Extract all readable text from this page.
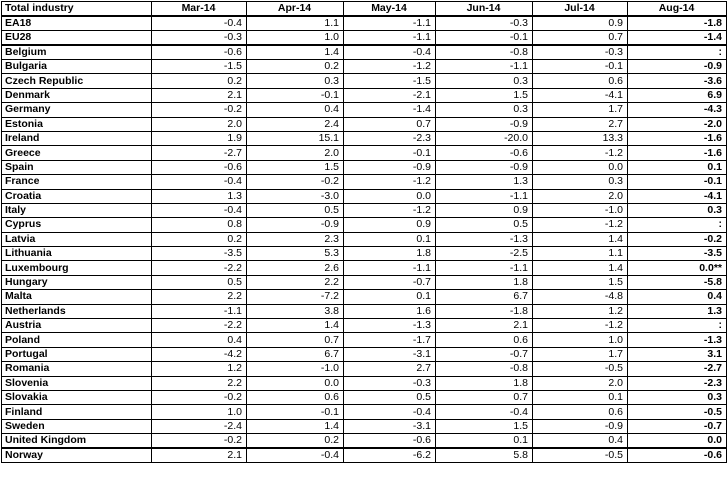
Total industry	Mar-14	Apr-14	May-14	Jun-14	Jul-14	Aug-14
EA18	-0.4	1.1	-1.1	-0.3	0.9	-1.8
EU28	-0.3	1.0	-1.1	-0.1	0.7	-1.4
Belgium	-0.6	1.4	-0.4	-0.8	-0.3	:
Bulgaria	-1.5	0.2	-1.2	-1.1	-0.1	-0.9
Czech Republic	0.2	0.3	-1.5	0.3	0.6	-3.6
Denmark	2.1	-0.1	-2.1	1.5	-4.1	6.9
Germany	-0.2	0.4	-1.4	0.3	1.7	-4.3
Estonia	2.0	2.4	0.7	-0.9	2.7	-2.0
Ireland	1.9	15.1	-2.3	-20.0	13.3	-1.6
Greece	-2.7	2.0	-0.1	-0.6	-1.2	-1.6
Spain	-0.6	1.5	-0.9	-0.9	0.0	0.1
France	-0.4	-0.2	-1.2	1.3	0.3	-0.1
Croatia	1.3	-3.0	0.0	-1.1	2.0	-4.1
Italy	-0.4	0.5	-1.2	0.9	-1.0	0.3
Cyprus	0.8	-0.9	0.9	0.5	-1.2	:
Latvia	0.2	2.3	0.1	-1.3	1.4	-0.2
Lithuania	-3.5	5.3	1.8	-2.5	1.1	-3.5
Luxembourg	-2.2	2.6	-1.1	-1.1	1.4	0.0**
Hungary	0.5	2.2	-0.7	1.8	1.5	-5.8
Malta	2.2	-7.2	0.1	6.7	-4.8	0.4
Netherlands	-1.1	3.8	1.6	-1.8	1.2	1.3
Austria	-2.2	1.4	-1.3	2.1	-1.2	:
Poland	0.4	0.7	-1.7	0.6	1.0	-1.3
Portugal	-4.2	6.7	-3.1	-0.7	1.7	3.1
Romania	1.2	-1.0	2.7	-0.8	-0.5	-2.7
Slovenia	2.2	0.0	-0.3	1.8	2.0	-2.3
Slovakia	-0.2	0.6	0.5	0.7	0.1	0.3
Finland	1.0	-0.1	-0.4	-0.4	0.6	-0.5
Sweden	-2.4	1.4	-3.1	1.5	-0.9	-0.7
United Kingdom	-0.2	0.2	-0.6	0.1	0.4	0.0
Norway	2.1	-0.4	-6.2	5.8	-0.5	-0.6
